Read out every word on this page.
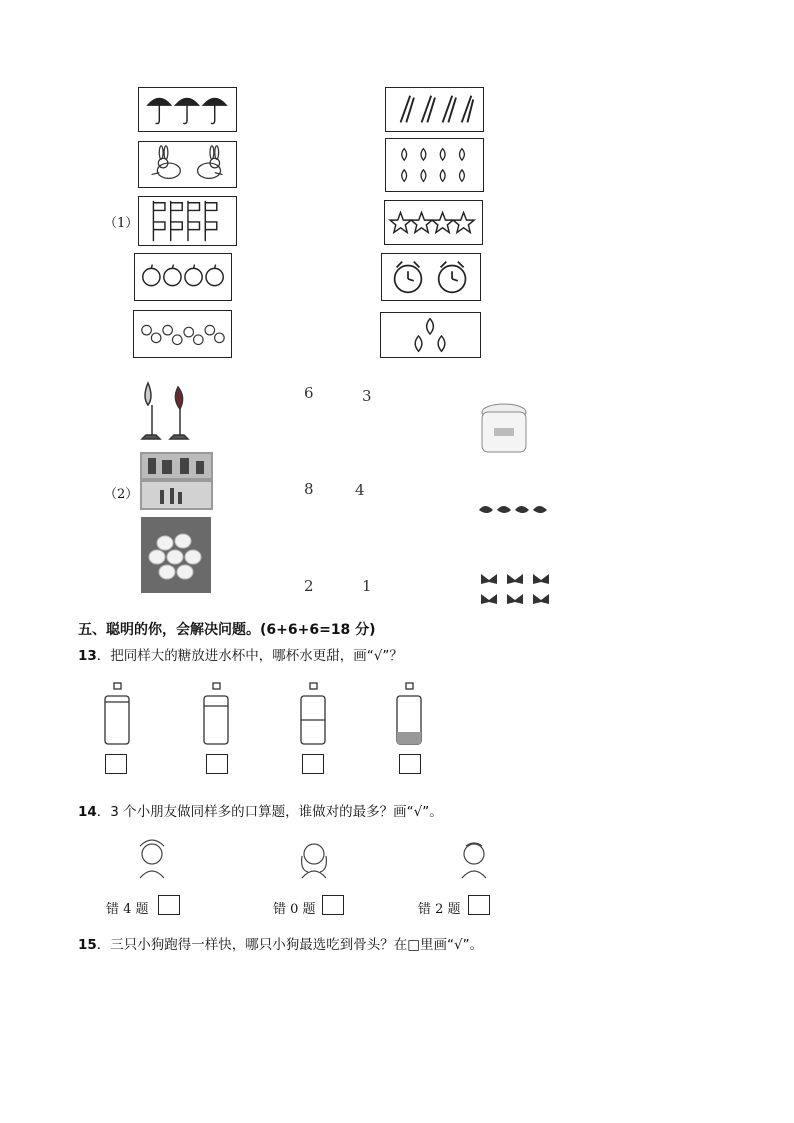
（1）
（2）
6	3
8	4
2	1
五、聪明的你，会解决问题。(6+6+6=18 分)
13．把同样大的糖放进水杯中，哪杯水更甜，画“√”？
14．3 个小朋友做同样多的口算题，谁做对的最多？画“√”。
错 4 题	错 0 题	错 2 题
15．三只小狗跑得一样快，哪只小狗最选吃到骨头？在□里画“√”。
